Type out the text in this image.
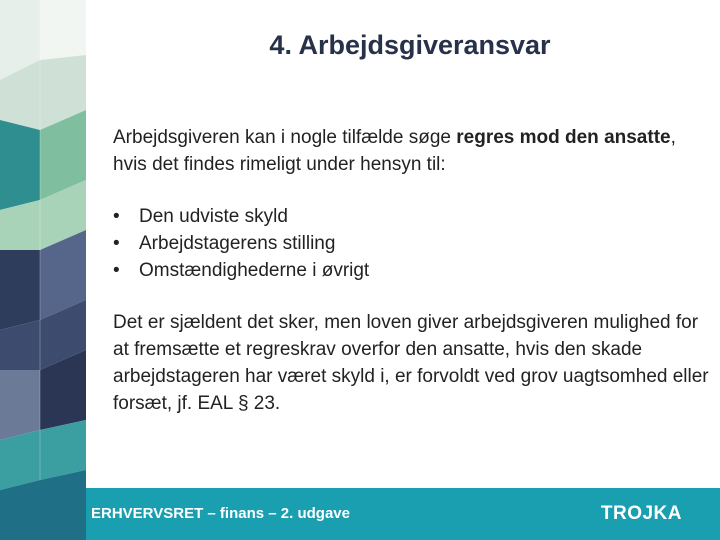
4. Arbejdsgiveransvar

Arbejdsgiveren kan i nogle tilfælde søge regres mod den ansatte, hvis det findes rimeligt under hensyn til:

• Den udviste skyld
• Arbejdstagerens stilling
• Omstændighederne i øvrigt

Det er sjældent det sker, men loven giver arbejdsgiveren mulighed for at fremsætte et regreskrav overfor den ansatte, hvis den skade arbejdstageren har været skyld i, er forvoldt ved grov uagtsomhed eller forsæt, jf. EAL § 23.

ERHVERVSRET – finans – 2. udgave	TROJKA
